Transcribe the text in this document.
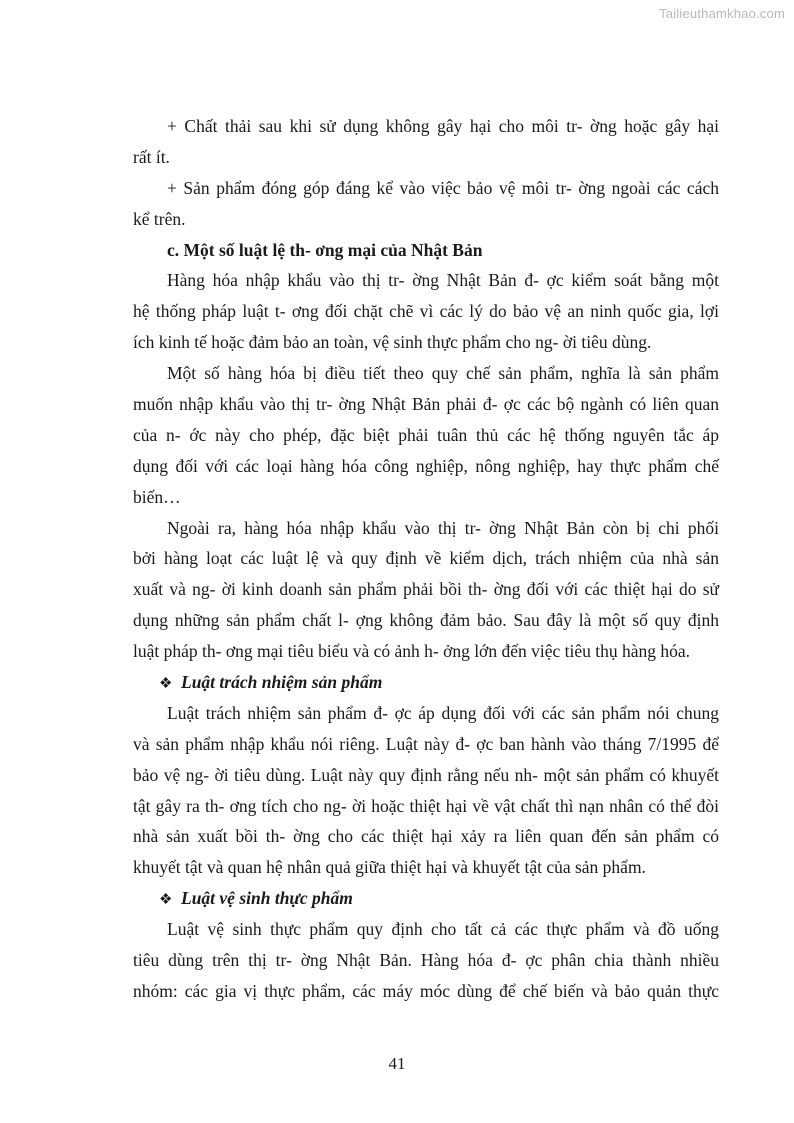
Tailieuthamkhao.com
+ Chất thải sau khi sử dụng không gây hại cho môi tr- ờng hoặc gây hại
rất ít.
+ Sản phẩm đóng góp đáng kể vào việc bảo vệ môi tr- ờng ngoài các cách
kể trên.
c. Một số luật lệ th- ơng mại của Nhật Bản
Hàng hóa nhập khẩu vào thị tr- ờng Nhật Bản đ- ợc kiểm soát bằng một
hệ thống pháp luật t- ơng đối chặt chẽ vì các lý do bảo vệ an ninh quốc gia, lợi
ích kinh tế hoặc đảm bảo an toàn, vệ sinh thực phẩm cho ng- ời tiêu dùng.
Một số hàng hóa bị điều tiết theo quy chế sản phẩm, nghĩa là sản phẩm
muốn nhập khẩu vào thị tr- ờng Nhật Bản phải đ- ợc các bộ ngành có liên quan
của n- ớc này cho phép, đặc biệt phải tuân thủ các hệ thống nguyên tắc áp
dụng đối với các loại hàng hóa công nghiệp, nông nghiệp, hay thực phẩm chế
biến…
Ngoài ra, hàng hóa nhập khẩu vào thị tr- ờng Nhật Bản còn bị chi phối
bởi hàng loạt các luật lệ và quy định về kiểm dịch, trách nhiệm của nhà sản
xuất và ng- ời kinh doanh sản phẩm phải bồi th- ờng đối với các thiệt hại do sử
dụng những sản phẩm chất l- ợng không đảm bảo. Sau đây là một số quy định
luật pháp th- ơng mại tiêu biểu và có ảnh h- ởng lớn đến việc tiêu thụ hàng hóa.
❖ Luật trách nhiệm sản phẩm
Luật trách nhiệm sản phẩm đ- ợc áp dụng đối với các sản phẩm nói chung
và sản phẩm nhập khẩu nói riêng. Luật này đ- ợc ban hành vào tháng 7/1995 để
bảo vệ ng- ời tiêu dùng. Luật này quy định rằng nếu nh- một sản phẩm có khuyết
tật gây ra th- ơng tích cho ng- ời hoặc thiệt hại về vật chất thì nạn nhân có thể đòi
nhà sản xuất bồi th- ờng cho các thiệt hại xảy ra liên quan đến sản phẩm có
khuyết tật và quan hệ nhân quả giữa thiệt hại và khuyết tật của sản phẩm.
❖ Luật vệ sinh thực phẩm
Luật vệ sinh thực phẩm quy định cho tất cả các thực phẩm và đồ uống
tiêu dùng trên thị tr- ờng Nhật Bản. Hàng hóa đ- ợc phân chia thành nhiều
nhóm: các gia vị thực phẩm, các máy móc dùng để chế biến và bảo quản thực
41
